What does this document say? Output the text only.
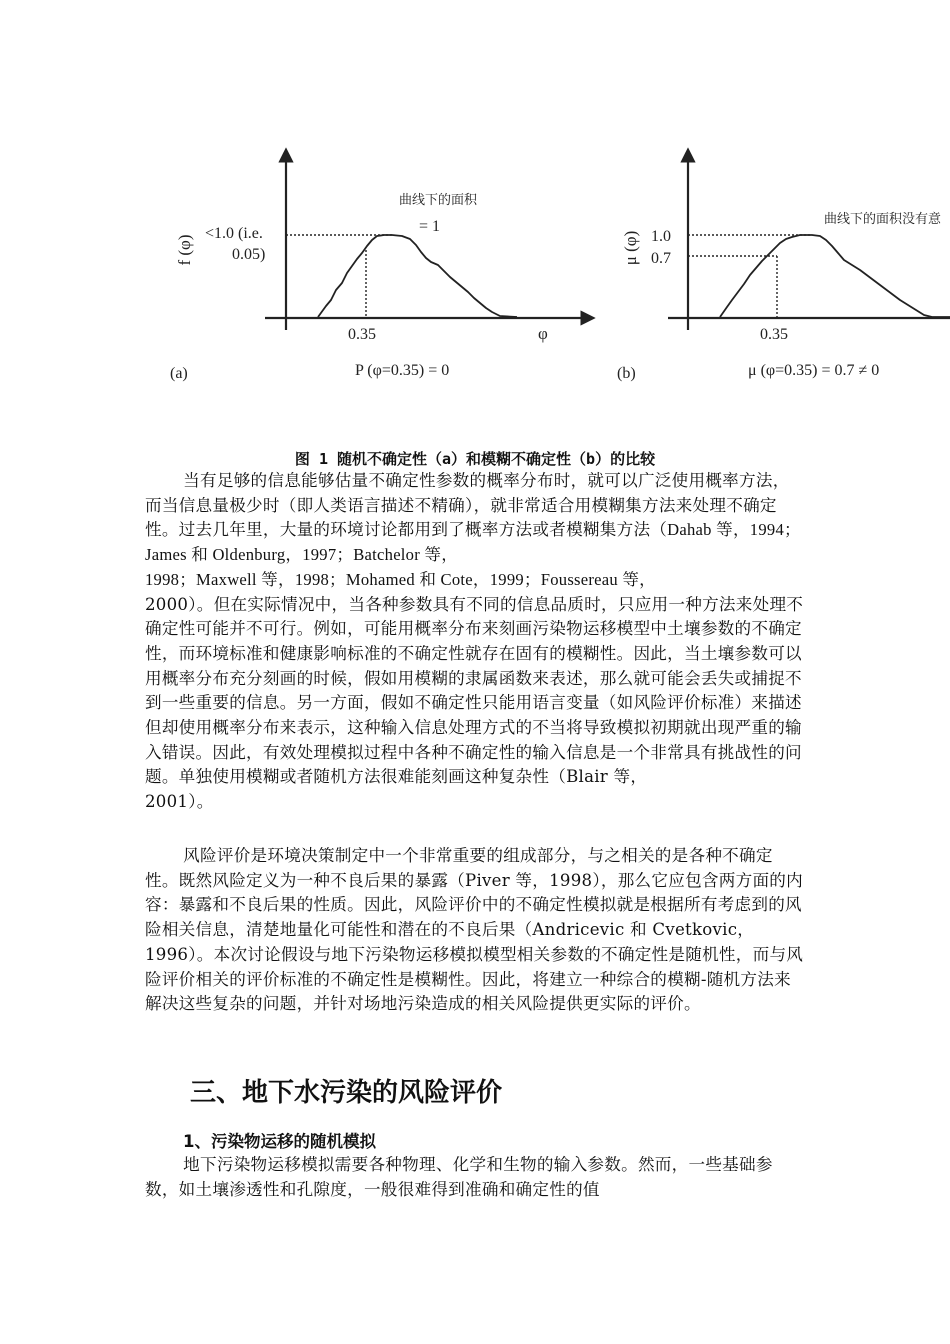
f (φ)
<1.0 (i.e.
0.05)
曲线下的面积
= 1
0.35	φ
(a)	P (φ=0.35) = 0
μ (φ) 1.0
0.7
曲线下的面积没有意
0.35
(b)	μ (φ=0.35) = 0.7 ≠ 0
图 1 随机不确定性（a）和模糊不确定性（b）的比较

当有足够的信息能够估量不确定性参数的概率分布时，就可以广泛使用概率方法，而当信息量极少时（即人类语言描述不精确），就非常适合用模糊集方法来处理不确定性。过去几年里，大量的环境讨论都用到了概率方法或者模糊集方法（Dahab 等，1994；James 和 Oldenburg，1997；Batchelor 等，

1998；Maxwell 等，1998；Mohamed 和 Cote，1999；Foussereau 等，

2000）。但在实际情况中，当各种参数具有不同的信息品质时，只应用一种方法来处理不确定性可能并不可行。例如，可能用概率分布来刻画污染物运移模型中土壤参数的不确定性，而环境标准和健康影响标准的不确定性就存在固有的模糊性。因此，当土壤参数可以用概率分布充分刻画的时候，假如用模糊的隶属函数来表述，那么就可能会丢失或捕捉不到一些重要的信息。另一方面，假如不确定性只能用语言变量（如风险评价标准）来描述但却使用概率分布来表示，这种输入信息处理方式的不当将导致模拟初期就出现严重的输入错误。因此，有效处理模拟过程中各种不确定性的输入信息是一个非常具有挑战性的问题。单独使用模糊或者随机方法很难能刻画这种复杂性（Blair 等，

2001）。

风险评价是环境决策制定中一个非常重要的组成部分，与之相关的是各种不确定性。既然风险定义为一种不良后果的暴露（Piver 等，1998），那么它应包含两方面的内容：暴露和不良后果的性质。因此，风险评价中的不确定性模拟就是根据所有考虑到的风险相关信息，清楚地量化可能性和潜在的不良后果（Andricevic 和 Cvetkovic，1996）。本次讨论假设与地下污染物运移模拟模型相关参数的不确定性是随机性，而与风险评价相关的评价标准的不确定性是模糊性。因此，将建立一种综合的模糊-随机方法来解决这些复杂的问题，并针对场地污染造成的相关风险提供更实际的评价。

三、地下水污染的风险评价
1、污染物运移的随机模拟

地下污染物运移模拟需要各种物理、化学和生物的输入参数。然而，一些基础参数，如土壤渗透性和孔隙度，一般很难得到准确和确定性的值
